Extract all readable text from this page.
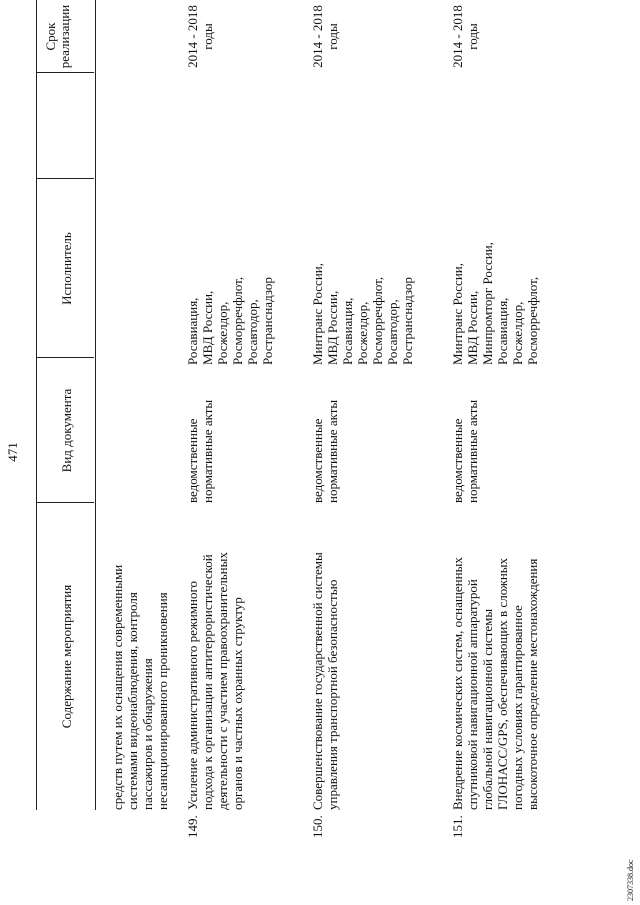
471
Содержание мероприятия
Вид документа
Исполнитель
Срок
реализации
средств путем их оснащения современными
системами видеонаблюдения, контроля
пассажиров и обнаружения
несанкционированного проникновения
149.
Усиление административного режимного
подхода к организации антитеррористической
деятельности с участием правоохранительных
органов и частных охранных структур
ведомственные
нормативные акты
Росавиация,
МВД России,
Росжелдор,
Росморречфлот,
Росавтодор,
Ространснадзор
2014 - 2018
годы
150.
Совершенствование государственной системы
управления транспортной безопасностью
ведомственные
нормативные акты
Минтранс России,
МВД России,
Росавиация,
Росжелдор,
Росморречфлот,
Росавтодор,
Ространснадзор
2014 - 2018
годы
151.
Внедрение космических систем, оснащенных
спутниковой навигационной аппаратурой
глобальной навигационной системы
ГЛОНАСС/GPS, обеспечивающих в сложных
погодных условиях гарантированное
высокоточное определение местонахождения
ведомственные
нормативные акты
Минтранс России,
МВД России,
Минпромторг России,
Росавиация,
Росжелдор,
Росморречфлот,
2014 - 2018
годы
2307338.doc
